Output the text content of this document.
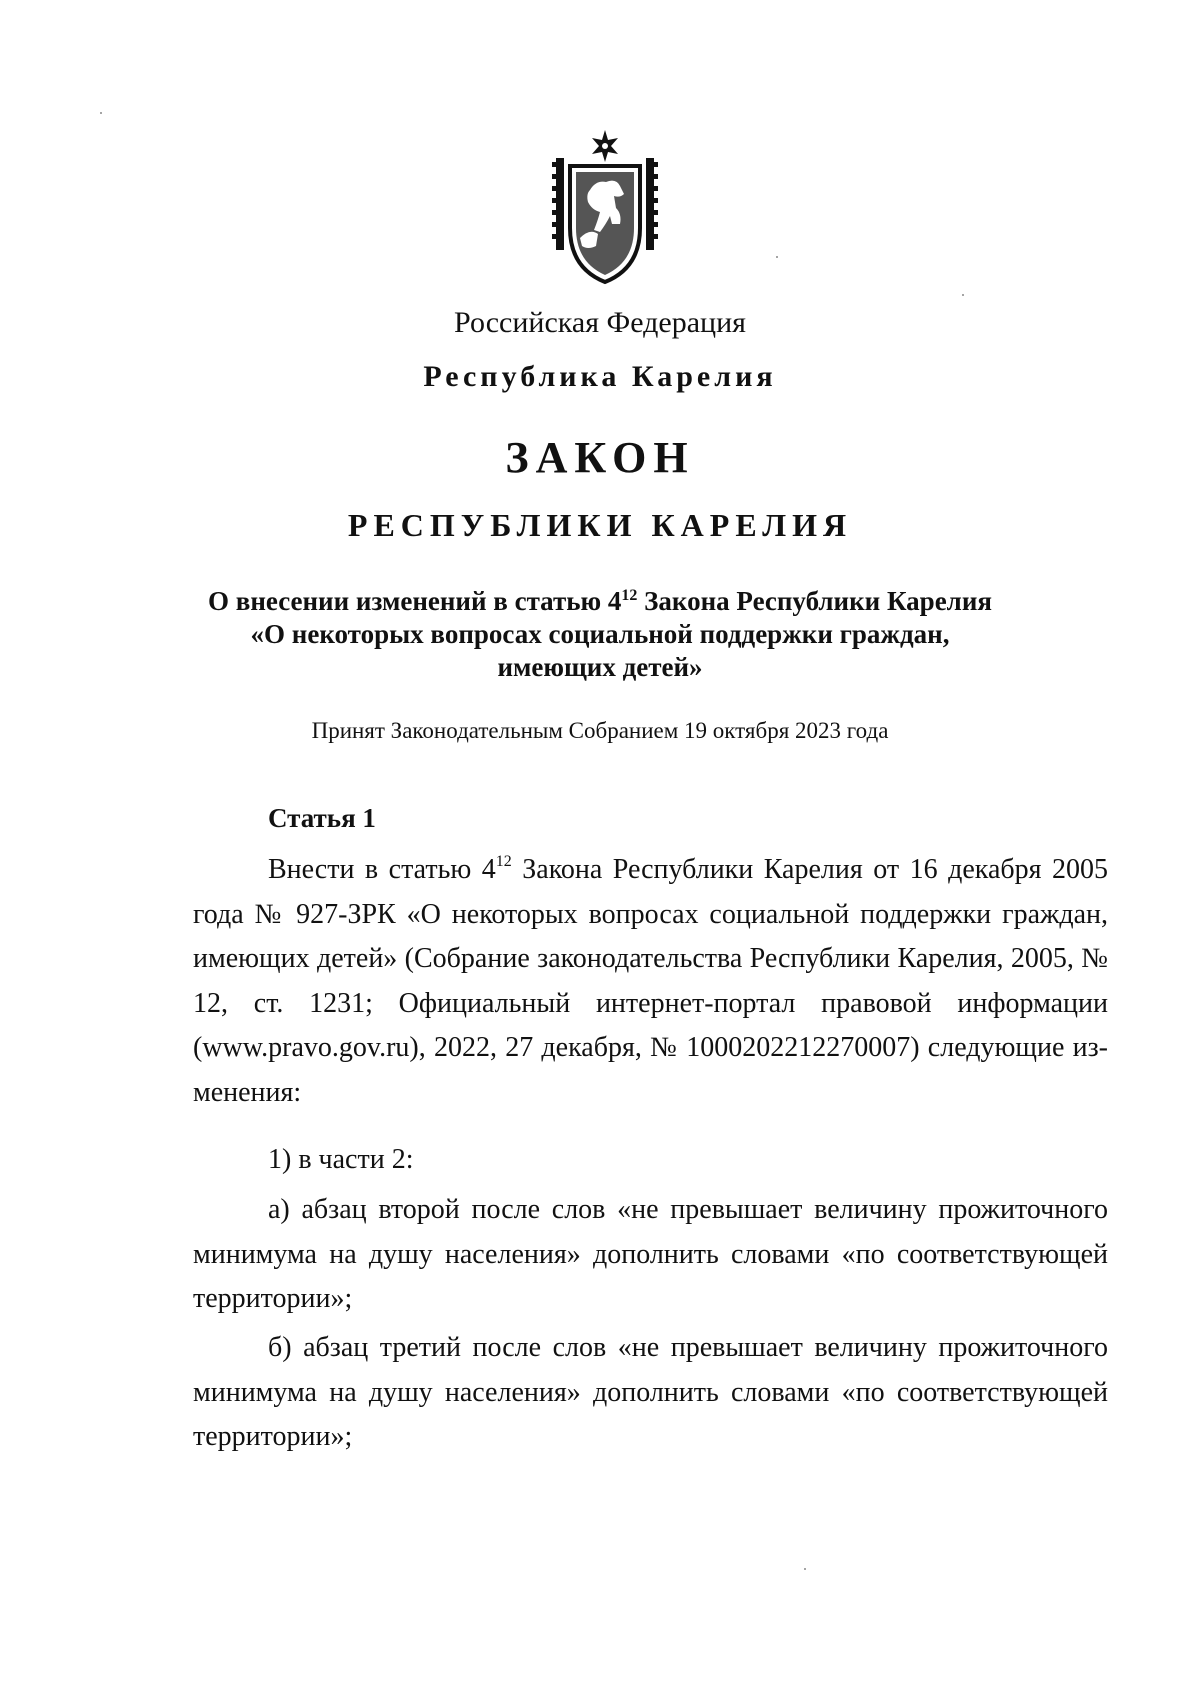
Российская Федерация

Республика Карелия

ЗАКОН

РЕСПУБЛИКИ КАРЕЛИЯ

О внесении изменений в статью $4^{12}$ Закона Республики Карелия
«О некоторых вопросах социальной поддержки граждан,
имеющих детей»

Принят Законодательным Собранием 19 октября 2023 года

Статья 1

Внести в статью $4^{12}$ Закона Республики Карелия от 16 декабря 2005 года № 927-ЗРК «О некоторых вопросах социальной поддержки граждан, имеющих детей» (Собрание законодательства Республики Карелия, 2005, № 12, ст. 1231; Официальный интернет-портал правовой информации (www.pravo.gov.ru), 2022, 27 декабря, № 1000202212270007) следующие изменения:

1) в части 2:

а) абзац второй после слов «не превышает величину прожиточного минимума на душу населения» дополнить словами «по соответствующей территории»;

б) абзац третий после слов «не превышает величину прожиточного минимума на душу населения» дополнить словами «по соответствующей территории»;
